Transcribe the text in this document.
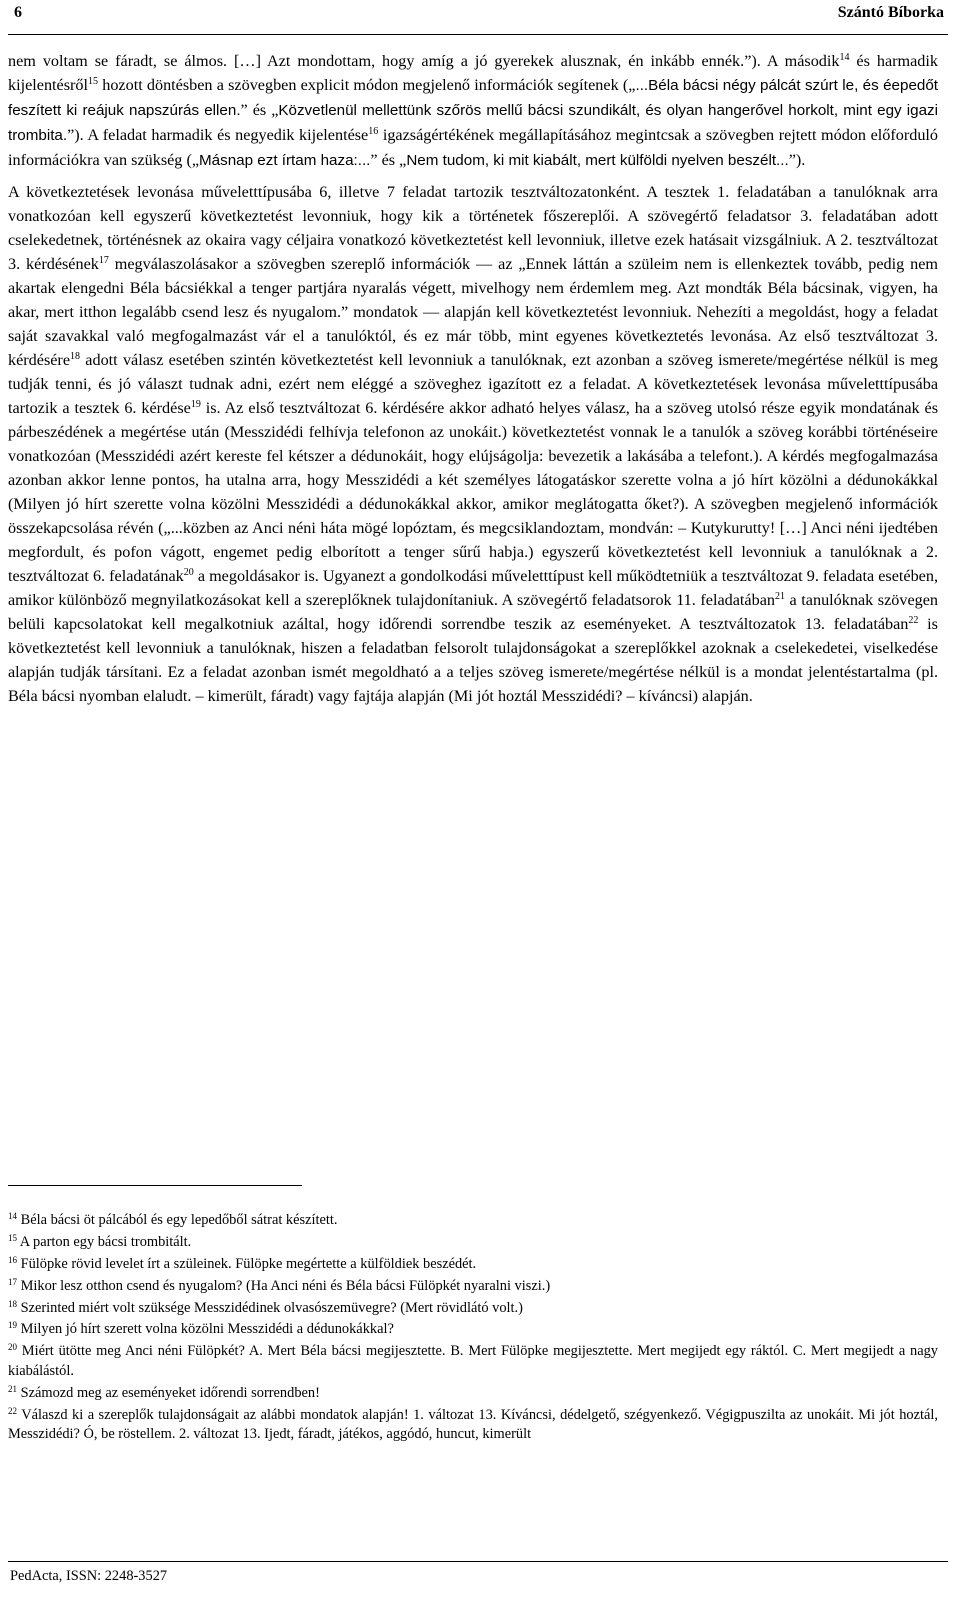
6	Szántó Bíborka

nem voltam se fáradt, se álmos. […] Azt mondottam, hogy amíg a jó gyerekek alusznak, én inkább ennék.”). A második$^{14}$ és harmadik kijelentésről$^{15}$ hozott döntésben a szövegben explicit módon megjelenő információk segítenek („...Béla bácsi négy pálcát szúrt le, és éepedőt feszített ki reájuk napszúrás ellen.” és „Közvetlenül mellettünk szőrös mellű bácsi szundikált, és olyan hangerővel horkolt, mint egy igazi trombita.”). A feladat harmadik és negyedik kijelentése$^{16}$ igazságértékének megállapításához megintcsak a szövegben rejtett módon előforduló információkra van szükség („Másnap ezt írtam haza:...” és „Nem tudom, ki mit kiabált, mert külföldi nyelven beszélt...”).

A következtetések levonása műveletttípusába 6, illetve 7 feladat tartozik tesztváltozatonként. A tesztek 1. feladatában a tanulóknak arra vonatkozóan kell egyszerű következtetést levonniuk, hogy kik a történetek főszereplői. A szövegértő feladatsor 3. feladatában adott cselekedetnek, történésnek az okaira vagy céljaira vonatkozó következtetést kell levonniuk, illetve ezek hatásait vizsgálniuk. A 2. tesztváltozat 3. kérdésének$^{17}$ megválaszolásakor a szövegben szereplő információk — az „Ennek láttán a szüleim nem is ellenkeztek tovább, pedig nem akartak elengedni Béla bácsiékkal a tenger partjára nyaralás végett, mivelhogy nem érdemlem meg. Azt mondták Béla bácsinak, vigyen, ha akar, mert itthon legalább csend lesz és nyugalom.” mondatok — alapján kell következtetést levonniuk. Nehezíti a megoldást, hogy a feladat saját szavakkal való megfogalmazást vár el a tanulóktól, és ez már több, mint egyenes következtetés levonása. Az első tesztváltozat 3. kérdésére$^{18}$ adott válasz esetében szintén következtetést kell levonniuk a tanulóknak, ezt azonban a szöveg ismerete/megértése nélkül is meg tudják tenni, és jó választ tudnak adni, ezért nem eléggé a szöveghez igazított ez a feladat. A következtetések levonása műveletttípusába tartozik a tesztek 6. kérdése$^{19}$ is. Az első tesztváltozat 6. kérdésére akkor adható helyes válasz, ha a szöveg utolsó része egyik mondatának és párbeszédének a megértése után (Messzidédi felhívja telefonon az unokáit.) következtetést vonnak le a tanulók a szöveg korábbi történéseire vonatkozóan (Messzidédi azért kereste fel kétszer a dédunokáit, hogy elújságolja: bevezetik a lakásába a telefont.). A kérdés megfogalmazása azonban akkor lenne pontos, ha utalna arra, hogy Messzidédi a két személyes látogatáskor szerette volna a jó hírt közölni a dédunokákkal (Milyen jó hírt szerette volna közölni Messzidédi a dédunokákkal akkor, amikor meglátogatta őket?). A szövegben megjelenő információk összekapcsolása révén („...közben az Anci néni háta mögé lopóztam, és megcsiklandoztam, mondván: – Kutykurutty! […] Anci néni ijedtében megfordult, és pofon vágott, engemet pedig elborított a tenger sűrű habja.) egyszerű következtetést kell levonniuk a tanulóknak a 2. tesztváltozat 6. feladatának$^{20}$ a megoldásakor is. Ugyanezt a gondolkodási műveletttípust kell működtetniük a tesztváltozat 9. feladata esetében, amikor különböző megnyilatkozásokat kell a szereplőknek tulajdonítaniuk. A szövegértő feladatsorok 11. feladatában$^{21}$ a tanulóknak szövegen belüli kapcsolatokat kell megalkotniuk azáltal, hogy időrendi sorrendbe teszik az eseményeket. A tesztváltozatok 13. feladatában$^{22}$ is következtetést kell levonniuk a tanulóknak, hiszen a feladatban felsorolt tulajdonságokat a szereplőkkel azoknak a cselekedetei, viselkedése alapján tudják társítani. Ez a feladat azonban ismét megoldható a a teljes szöveg ismerete/megértése nélkül is a mondat jelentéstartalma (pl. Béla bácsi nyomban elaludt. – kimerült, fáradt) vagy fajtája alapján (Mi jót hoztál Messzidédi? – kíváncsi) alapján.

$^{14}$ Béla bácsi öt pálcából és egy lepedőből sátrat készített.
$^{15}$ A parton egy bácsi trombitált.
$^{16}$ Fülöpke rövid levelet írt a szüleinek. Fülöpke megértette a külföldiek beszédét.
$^{17}$ Mikor lesz otthon csend és nyugalom? (Ha Anci néni és Béla bácsi Fülöpkét nyaralni viszi.)
$^{18}$ Szerinted miért volt szüksége Messzidédinek olvasószemüvegre? (Mert rövidlátó volt.)
$^{19}$ Milyen jó hírt szerett volna közölni Messzidédi a dédunokákkal?
$^{20}$ Miért ütötte meg Anci néni Fülöpkét? A. Mert Béla bácsi megijesztette. B. Mert Fülöpke megijesztette. Mert megijedt egy ráktól. C. Mert megijedt a nagy kiabálástól.
$^{21}$ Számozd meg az eseményeket időrendi sorrendben!
$^{22}$ Válaszd ki a szereplők tulajdonságait az alábbi mondatok alapján! 1. változat 13. Kíváncsi, dédelgető, szégyenkező. Végigpuszilta az unokáit. Mi jót hoztál, Messzidédi? Ó, be röstellem. 2. változat 13. Ijedt, fáradt, játékos, aggódó, huncut, kimerült
PedActa, ISSN: 2248-3527
